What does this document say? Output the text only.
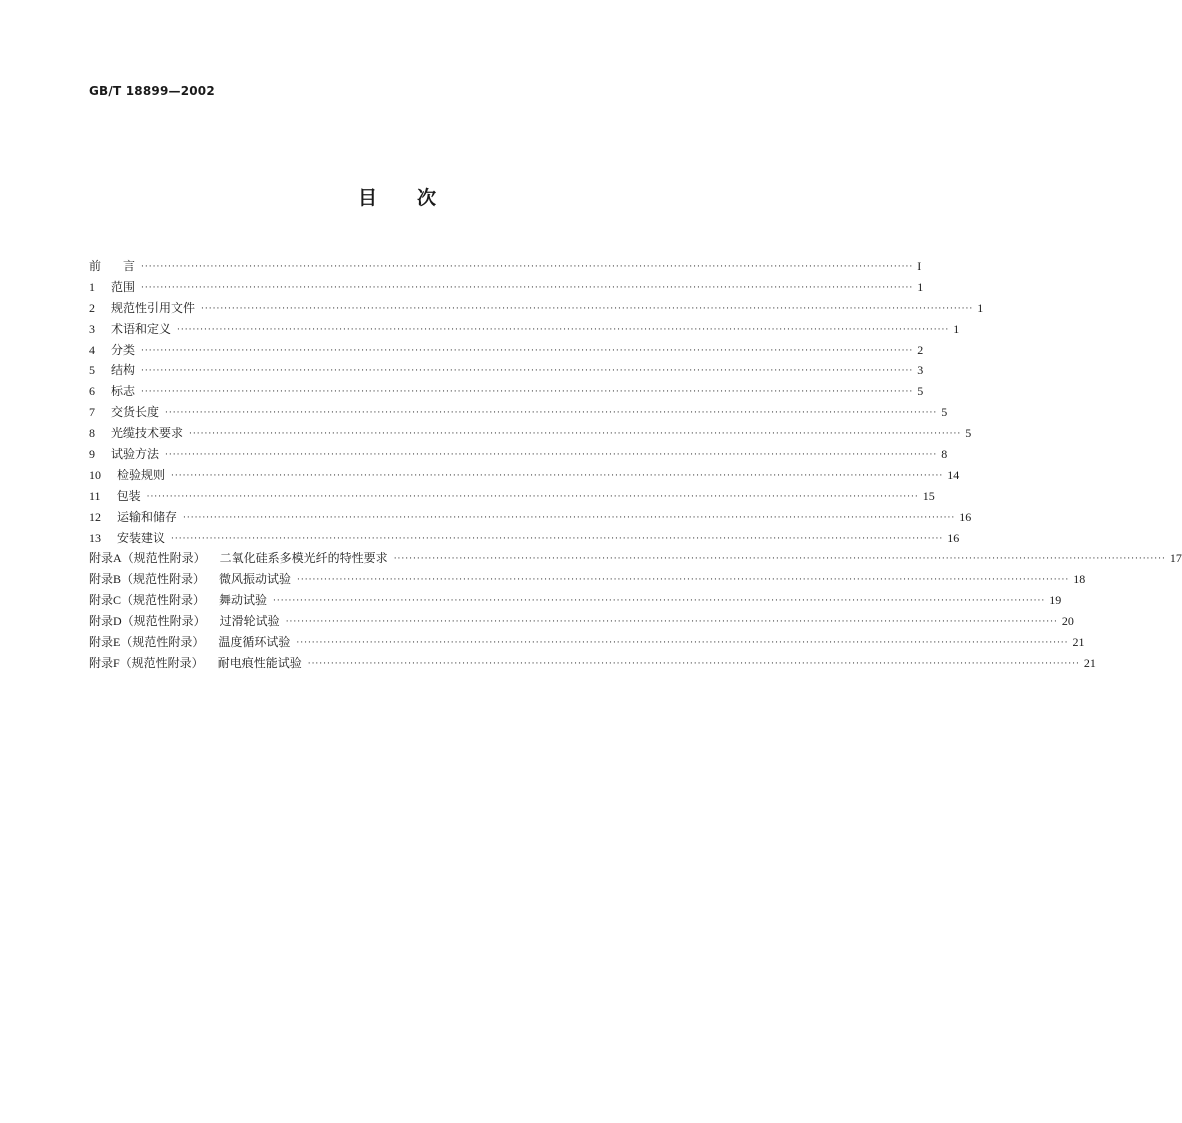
GB/T 18899—2002
目 次
前 言 ········································································································································································································ I
1 范围 ········································································································································································································ 1
2 规范性引用文件 ········································································································································································································ 1
3 术语和定义 ········································································································································································································ 1
4 分类 ········································································································································································································ 2
5 结构 ········································································································································································································ 3
6 标志 ········································································································································································································ 5
7 交货长度 ········································································································································································································ 5
8 光缆技术要求 ········································································································································································································ 5
9 试验方法 ········································································································································································································ 8
10 检验规则 ········································································································································································································ 14
11 包装 ········································································································································································································ 15
12 运输和储存 ········································································································································································································ 16
13 安装建议 ········································································································································································································ 16
附录A（规范性附录） 二氧化硅系多模光纤的特性要求 ········································································································································································································ 17
附录B（规范性附录） 微风振动试验 ········································································································································································································ 18
附录C（规范性附录） 舞动试验 ········································································································································································································ 19
附录D（规范性附录） 过滑轮试验 ········································································································································································································ 20
附录E（规范性附录） 温度循环试验 ········································································································································································································ 21
附录F（规范性附录） 耐电痕性能试验 ········································································································································································································ 21
